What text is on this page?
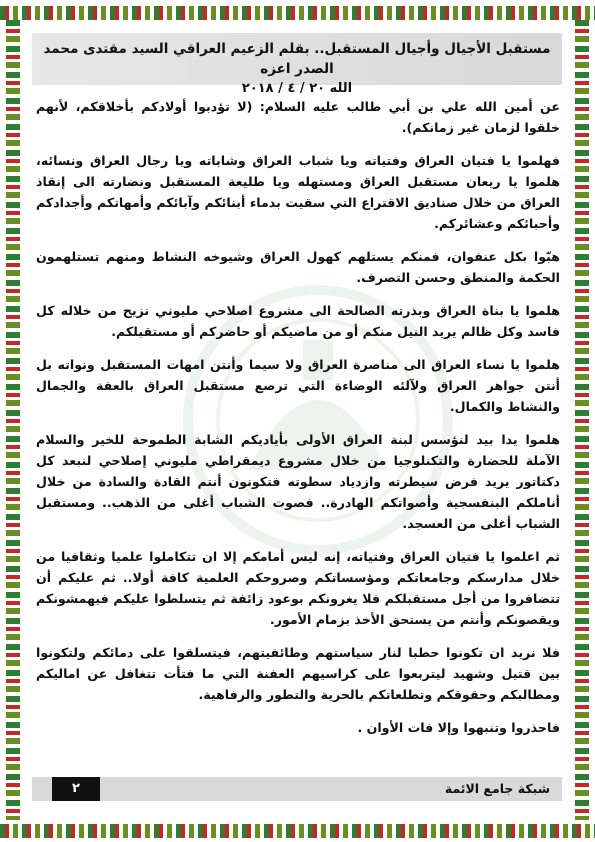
مستقبل الأجيال وأجيال المستقبل.. بقلم الزعيم العراقي السيد مقتدى محمد الصدر اعزه
الله ٢٠ / ٤ / ٢٠١٨

عن أمين الله علي بن أبي طالب عليه السلام: (لا تؤدبوا أولادكم بأخلاقكم، لأنهم خلقوا لزمان غير زمانكم).

فهلموا يا فتيان العراق وفتياته ويا شباب العراق وشاباته ويا رجال العراق ونسائه، هلموا يا ريعان مستقبل العراق ومستهله ويا طليعة المستقبل ونضارته الى إنقاذ العراق من خلال صناديق الاقتراع التي سقيت بدماء أبنائكم وآبائكم وأمهاتكم وأجدادكم وأحبائكم وعشائركم.

هبّوا بكل عنفوان، فمنكم يستلهم كهول العراق وشيوخه النشاط ومنهم تستلهمون الحكمة والمنطق وحسن التصرف.

هلموا يا بناة العراق وبذرته الصالحة الى مشروع اصلاحي مليوني نزيح من خلاله كل فاسد وكل ظالم يريد النيل منكم أو من ماضيكم أو حاضركم أو مستقبلكم.

هلموا يا نساء العراق الى مناصرة العراق ولا سيما وأنتن امهات المستقبل ونواته بل أنتن جواهر العراق ولآلئه الوضاءة التي ترصع مستقبل العراق بالعفة والجمال والنشاط والكمال.

هلموا يدا بيد لنؤسس لبنة العراق الأولى بأياديكم الشابة الطموحة للخير والسلام الآملة للحضارة والتكنلوجيا من خلال مشروع ديمقراطي مليوني إصلاحي لنبعد كل دكتاتور يريد فرض سيطرته وازدياد سطوته فتكونون أنتم القادة والسادة من خلال أناملكم البنفسجية وأصواتكم الهادرة.. فصوت الشباب أغلى من الذهب.. ومستقبل الشباب أغلى من العسجد.

ثم اعلموا يا فتيان العراق وفتياته، إنه ليس أمامكم إلا ان تتكاملوا علميا وثقافيا من خلال مدارسكم وجامعاتكم ومؤسساتكم وصروحكم العلمية كافة أولا.. ثم عليكم أن تتضافروا من أجل مستقبلكم فلا يغرونكم بوعود زائفة ثم يتسلطوا عليكم فيهمشونكم ويقصونكم وأنتم من يستحق الأخذ بزمام الأمور.

فلا نريد ان تكونوا حطبا لنار سياستهم وطائفيتهم، فيتسلقوا على دمائكم ولتكونوا بين قتيل وشهيد ليتربعوا على كراسيهم العفنة التي ما فتأت تتغافل عن اماليكم ومطالبكم وحقوقكم وتطلعاتكم بالحرية والتطور والرفاهية.

فاحذروا وتنبهوا وإلا فات الأوان .

شبكة جامع الائمة
٢
